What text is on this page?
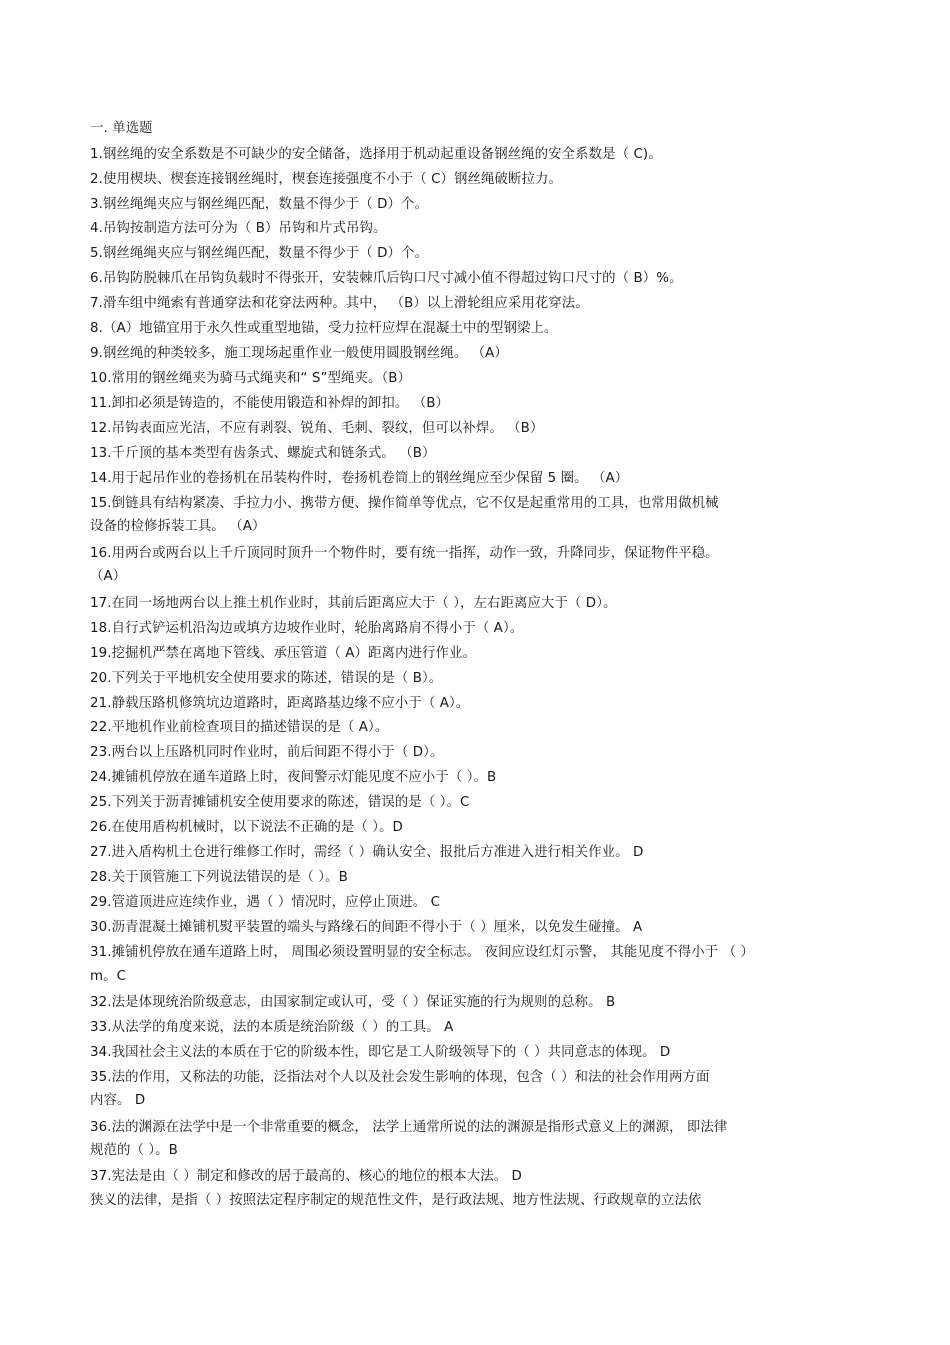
一. 单选题
1.钢丝绳的安全系数是不可缺少的安全储备，选择用于机动起重设备钢丝绳的安全系数是（ C)。
2.使用楔块、楔套连接钢丝绳时，楔套连接强度不小于（ C）钢丝绳破断拉力。
3.钢丝绳绳夹应与钢丝绳匹配，数量不得少于（ D）个。
4.吊钩按制造方法可分为（ B）吊钩和片式吊钩。
5.钢丝绳绳夹应与钢丝绳匹配，数量不得少于（ D）个。
6.吊钩防脱棘爪在吊钩负载时不得张开，安装棘爪后钩口尺寸减小值不得超过钩口尺寸的（ B）%。
7.滑车组中绳索有普通穿法和花穿法两种。其中， （B）以上滑轮组应采用花穿法。
8.（A）地锚宜用于永久性或重型地锚，受力拉杆应焊在混凝土中的型钢梁上。
9.钢丝绳的种类较多，施工现场起重作业一般使用圆股钢丝绳。 （A）
10.常用的钢丝绳夹为骑马式绳夹和“ S”型绳夹。（B）
11.卸扣必须是铸造的，不能使用锻造和补焊的卸扣。 （B）
12.吊钩表面应光洁，不应有剥裂、锐角、毛刺、裂纹，但可以补焊。 （B）
13.千斤顶的基本类型有齿条式、螺旋式和链条式。 （B）
14.用于起吊作业的卷扬机在吊装构件时，卷扬机卷筒上的钢丝绳应至少保留 5 圈。 （A）
15.倒链具有结构紧凑、手拉力小、携带方便、操作简单等优点，它不仅是起重常用的工具，也常用做机械
设备的检修拆装工具。 （A）
16.用两台或两台以上千斤顶同时顶升一个物件时，要有统一指挥，动作一致，升降同步，保证物件平稳。
（A）
17.在同一场地两台以上推土机作业时，其前后距离应大于（ ），左右距离应大于（ D）。
18.自行式铲运机沿沟边或填方边坡作业时，轮胎离路肩不得小于（ A）。
19.挖掘机严禁在离地下管线、承压管道（ A）距离内进行作业。
20.下列关于平地机安全使用要求的陈述，错误的是（ B）。
21.静载压路机修筑坑边道路时，距离路基边缘不应小于（ A）。
22.平地机作业前检查项目的描述错误的是（ A）。
23.两台以上压路机同时作业时，前后间距不得小于（ D）。
24.摊铺机停放在通车道路上时，夜间警示灯能见度不应小于（ ）。B
25.下列关于沥青摊铺机安全使用要求的陈述，错误的是（ ）。C
26.在使用盾构机械时，以下说法不正确的是（ ）。D
27.进入盾构机土仓进行维修工作时，需经（ ）确认安全、报批后方准进入进行相关作业。 D
28.关于顶管施工下列说法错误的是（ ）。B
29.管道顶进应连续作业，遇（ ）情况时，应停止顶进。 C
30.沥青混凝土摊铺机熨平装置的端头与路缘石的间距不得小于（ ）厘米，以免发生碰撞。 A
31.摊铺机停放在通车道路上时， 周围必须设置明显的安全标志。 夜间应设红灯示警， 其能见度不得小于 （ ）
m。C
32.法是体现统治阶级意志，由国家制定或认可，受（ ）保证实施的行为规则的总称。 B
33.从法学的角度来说，法的本质是统治阶级（ ）的工具。 A
34.我国社会主义法的本质在于它的阶级本性，即它是工人阶级领导下的（ ）共同意志的体现。 D
35.法的作用，又称法的功能，泛指法对个人以及社会发生影响的体现，包含（ ）和法的社会作用两方面
内容。 D
36.法的渊源在法学中是一个非常重要的概念， 法学上通常所说的法的渊源是指形式意义上的渊源， 即法律
规范的（ ）。B
37.宪法是由（ ）制定和修改的居于最高的、核心的地位的根本大法。 D
狭义的法律，是指（ ）按照法定程序制定的规范性文件，是行政法规、地方性法规、行政规章的立法依
